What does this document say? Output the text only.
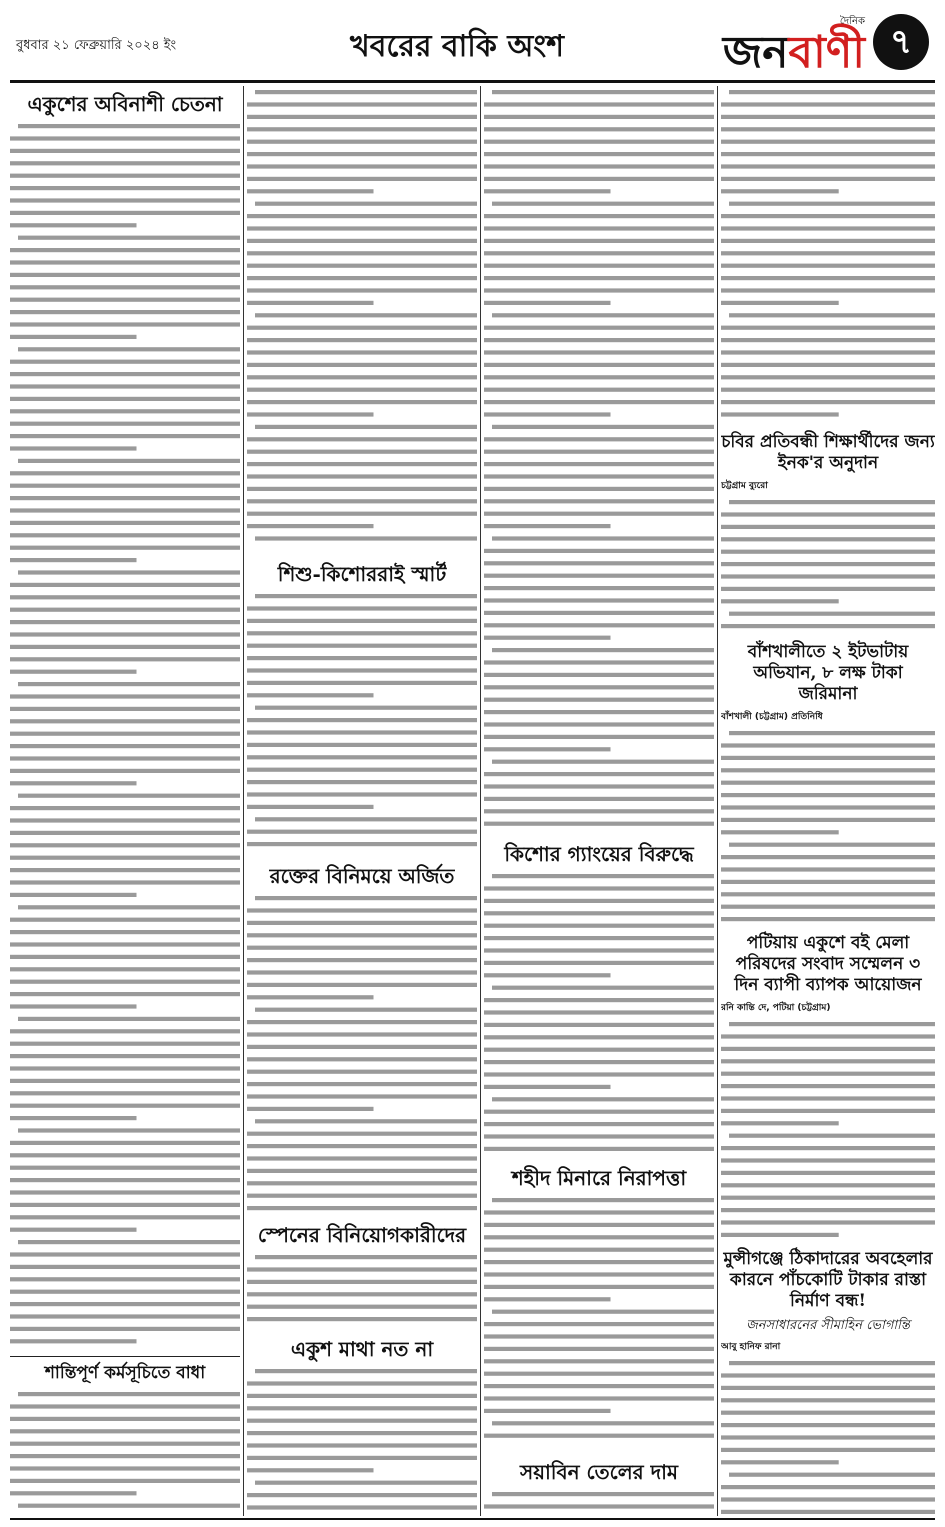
বুধবার ২১ ফেব্রুয়ারি ২০২৪ ইং	খবরের বাকি অংশ
দৈনিক
জনবাণী ৭
একুশের অবিনাশী চেতনা
শান্তিপূর্ণ কর্মসূচিতে বাধা
শিশু-কিশোররাই স্মার্ট
রক্তের বিনিময়ে অর্জিত
স্পেনের বিনিয়োগকারীদের
একুশ মাথা নত না
কিশোর গ্যাংয়ের বিরুদ্ধে
শহীদ মিনারে নিরাপত্তা
সয়াবিন তেলের দাম
চবির প্রতিবন্ধী শিক্ষার্থীদের জন্য ইনক'র অনুদান
চট্টগ্রাম ব্যুরো
বাঁশখালীতে ২ ইটভাটায় অভিযান, ৮ লক্ষ টাকা জরিমানা
বাঁশখালী (চট্টগ্রাম) প্রতিনিধি
পটিয়ায় একুশে বই মেলা পরিষদের সংবাদ সম্মেলন ৩ দিন ব্যাপী ব্যাপক আয়োজন
রনি কান্তি দে, পটিয়া (চট্টগ্রাম)
মুন্সীগঞ্জে ঠিকাদারের অবহেলার কারনে পাঁচকোটি টাকার রাস্তা নির্মাণ বন্ধ!
জনসাধারনের সীমাহিন ভোগান্তি
আবু হানিফ রানা
